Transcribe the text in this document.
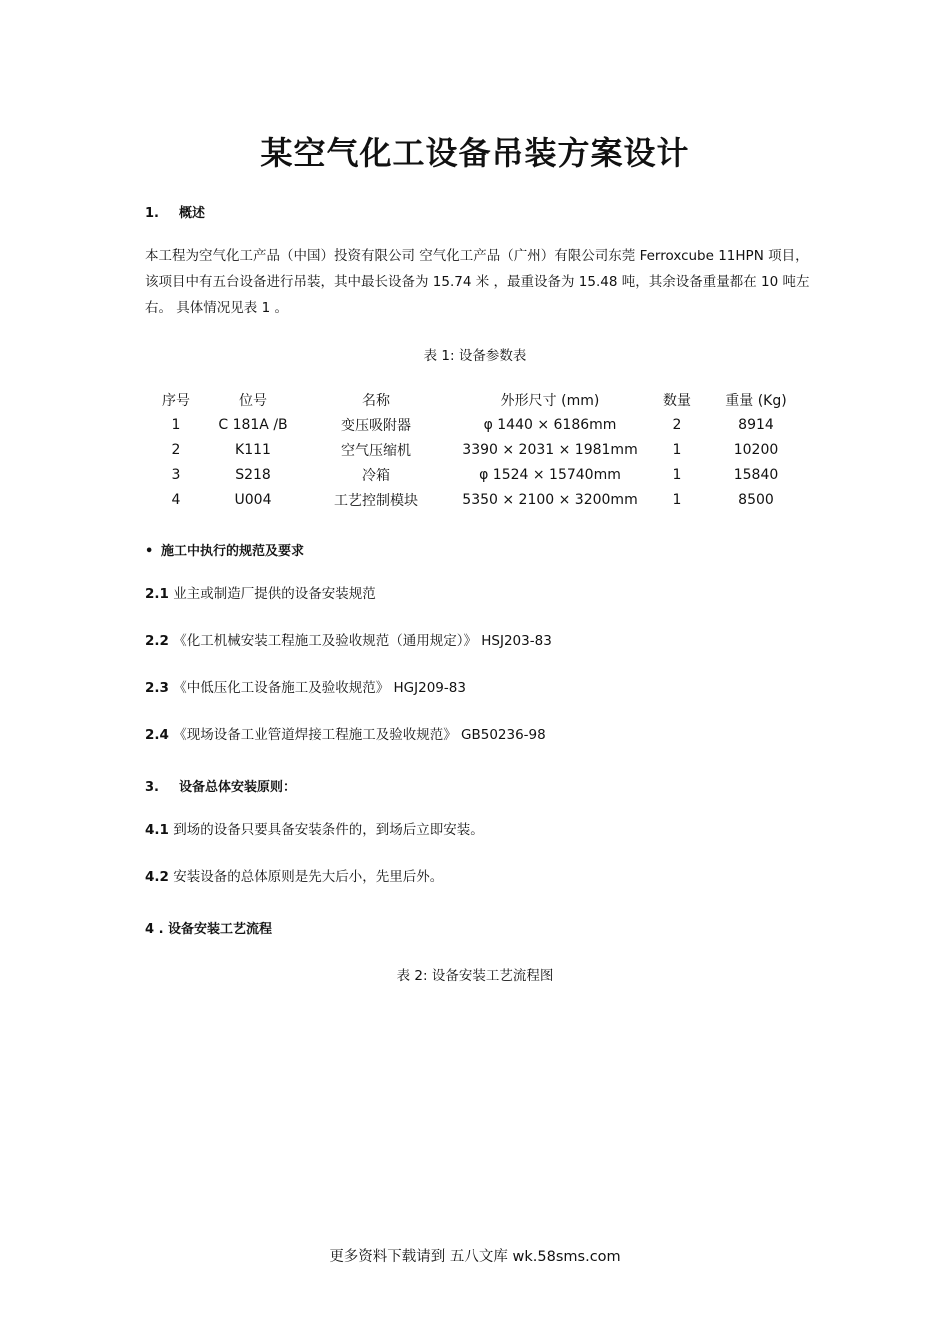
某空气化工设备吊装方案设计
1. 概述
本工程为空气化工产品（中国）投资有限公司 空气化工产品（广州）有限公司东莞 Ferroxcube 11HPN 项目，该项目中有五台设备进行吊装，其中最长设备为 15.74 米 ，最重设备为 15.48 吨，其余设备重量都在 10 吨左右。 具体情况见表 1 。
表 1: 设备参数表
序号	位号	名称	外形尺寸 (mm)	数量	重量 (Kg)
1	C 181A /B	变压吸附器	φ 1440 × 6186mm	2	8914
2	K111	空气压缩机	3390 × 2031 × 1981mm	1	10200
3	S218	冷箱	φ 1524 × 15740mm	1	15840
4	U004	工艺控制模块	5350 × 2100 × 3200mm	1	8500
• 施工中执行的规范及要求
2.1 业主或制造厂提供的设备安装规范
2.2 《化工机械安装工程施工及验收规范（通用规定）》 HSJ203-83
2.3 《中低压化工设备施工及验收规范》 HGJ209-83
2.4 《现场设备工业管道焊接工程施工及验收规范》 GB50236-98
3. 设备总体安装原则：
4.1 到场的设备只要具备安装条件的，到场后立即安装。
4.2 安装设备的总体原则是先大后小，先里后外。
4 . 设备安装工艺流程
表 2: 设备安装工艺流程图
更多资料下载请到 五八文库 wk.58sms.com
